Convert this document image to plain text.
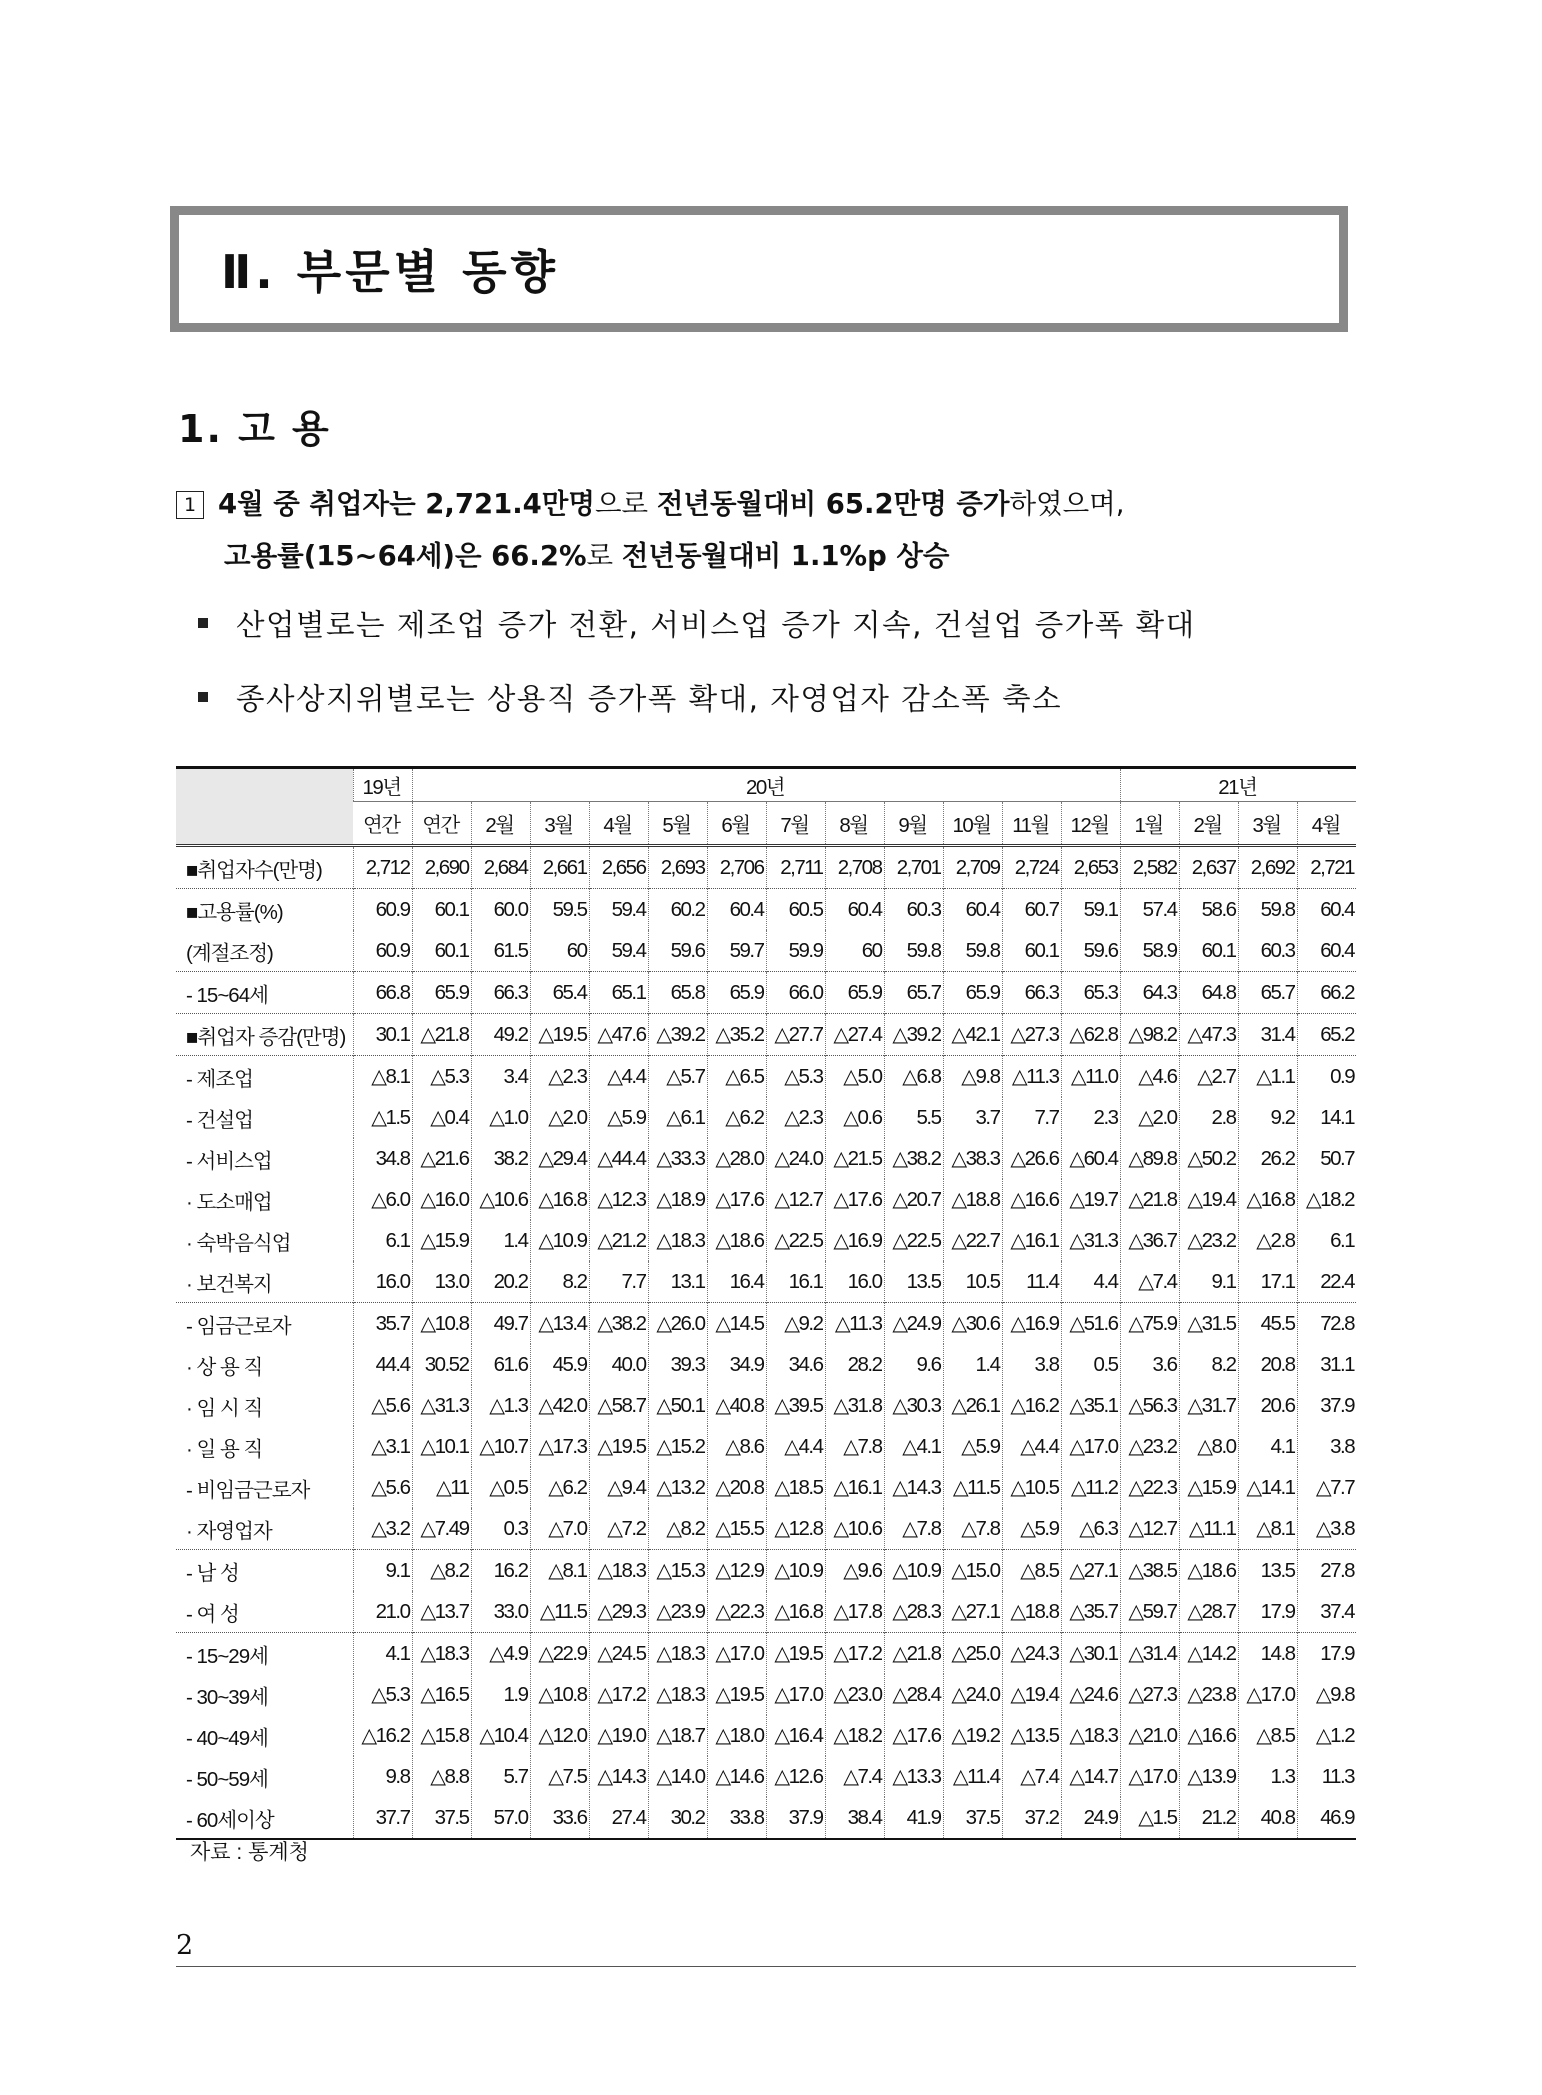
Ⅱ. 부문별 동향
1. 고 용
1 4월 중 취업자는 2,721.4만명으로 전년동월대비 65.2만명 증가하였으며,
고용률(15~64세)은 66.2%로 전년동월대비 1.1%p 상승
산업별로는 제조업 증가 전환, 서비스업 증가 지속, 건설업 증가폭 확대
종사상지위별로는 상용직 증가폭 확대, 자영업자 감소폭 축소
	19년	20년												21년			
	연간	연간	2월	3월	4월	5월	6월	7월	8월	9월	10월	11월	12월	1월	2월	3월	4월
■취업자수(만명)	2,712	2,690	2,684	2,661	2,656	2,693	2,706	2,711	2,708	2,701	2,709	2,724	2,653	2,582	2,637	2,692	2,721
■고용률(%)	60.9	60.1	60.0	59.5	59.4	60.2	60.4	60.5	60.4	60.3	60.4	60.7	59.1	57.4	58.6	59.8	60.4
(계절조정)	60.9	60.1	61.5	60	59.4	59.6	59.7	59.9	60	59.8	59.8	60.1	59.6	58.9	60.1	60.3	60.4
- 15~64세	66.8	65.9	66.3	65.4	65.1	65.8	65.9	66.0	65.9	65.7	65.9	66.3	65.3	64.3	64.8	65.7	66.2
■취업자 증감(만명)	30.1	△21.8	49.2	△19.5	△47.6	△39.2	△35.2	△27.7	△27.4	△39.2	△42.1	△27.3	△62.8	△98.2	△47.3	31.4	65.2
- 제조업	△8.1	△5.3	3.4	△2.3	△4.4	△5.7	△6.5	△5.3	△5.0	△6.8	△9.8	△11.3	△11.0	△4.6	△2.7	△1.1	0.9
- 건설업	△1.5	△0.4	△1.0	△2.0	△5.9	△6.1	△6.2	△2.3	△0.6	5.5	3.7	7.7	2.3	△2.0	2.8	9.2	14.1
- 서비스업	34.8	△21.6	38.2	△29.4	△44.4	△33.3	△28.0	△24.0	△21.5	△38.2	△38.3	△26.6	△60.4	△89.8	△50.2	26.2	50.7
· 도소매업	△6.0	△16.0	△10.6	△16.8	△12.3	△18.9	△17.6	△12.7	△17.6	△20.7	△18.8	△16.6	△19.7	△21.8	△19.4	△16.8	△18.2
· 숙박음식업	6.1	△15.9	1.4	△10.9	△21.2	△18.3	△18.6	△22.5	△16.9	△22.5	△22.7	△16.1	△31.3	△36.7	△23.2	△2.8	6.1
· 보건복지	16.0	13.0	20.2	8.2	7.7	13.1	16.4	16.1	16.0	13.5	10.5	11.4	4.4	△7.4	9.1	17.1	22.4
- 임금근로자	35.7	△10.8	49.7	△13.4	△38.2	△26.0	△14.5	△9.2	△11.3	△24.9	△30.6	△16.9	△51.6	△75.9	△31.5	45.5	72.8
· 상 용 직	44.4	30.52	61.6	45.9	40.0	39.3	34.9	34.6	28.2	9.6	1.4	3.8	0.5	3.6	8.2	20.8	31.1
· 임 시 직	△5.6	△31.3	△1.3	△42.0	△58.7	△50.1	△40.8	△39.5	△31.8	△30.3	△26.1	△16.2	△35.1	△56.3	△31.7	20.6	37.9
· 일 용 직	△3.1	△10.1	△10.7	△17.3	△19.5	△15.2	△8.6	△4.4	△7.8	△4.1	△5.9	△4.4	△17.0	△23.2	△8.0	4.1	3.8
- 비임금근로자	△5.6	△11	△0.5	△6.2	△9.4	△13.2	△20.8	△18.5	△16.1	△14.3	△11.5	△10.5	△11.2	△22.3	△15.9	△14.1	△7.7
· 자영업자	△3.2	△7.49	0.3	△7.0	△7.2	△8.2	△15.5	△12.8	△10.6	△7.8	△7.8	△5.9	△6.3	△12.7	△11.1	△8.1	△3.8
- 남 성	9.1	△8.2	16.2	△8.1	△18.3	△15.3	△12.9	△10.9	△9.6	△10.9	△15.0	△8.5	△27.1	△38.5	△18.6	13.5	27.8
- 여 성	21.0	△13.7	33.0	△11.5	△29.3	△23.9	△22.3	△16.8	△17.8	△28.3	△27.1	△18.8	△35.7	△59.7	△28.7	17.9	37.4
- 15~29세	4.1	△18.3	△4.9	△22.9	△24.5	△18.3	△17.0	△19.5	△17.2	△21.8	△25.0	△24.3	△30.1	△31.4	△14.2	14.8	17.9
- 30~39세	△5.3	△16.5	1.9	△10.8	△17.2	△18.3	△19.5	△17.0	△23.0	△28.4	△24.0	△19.4	△24.6	△27.3	△23.8	△17.0	△9.8
- 40~49세	△16.2	△15.8	△10.4	△12.0	△19.0	△18.7	△18.0	△16.4	△18.2	△17.6	△19.2	△13.5	△18.3	△21.0	△16.6	△8.5	△1.2
- 50~59세	9.8	△8.8	5.7	△7.5	△14.3	△14.0	△14.6	△12.6	△7.4	△13.3	△11.4	△7.4	△14.7	△17.0	△13.9	1.3	11.3
- 60세이상	37.7	37.5	57.0	33.6	27.4	30.2	33.8	37.9	38.4	41.9	37.5	37.2	24.9	△1.5	21.2	40.8	46.9
자료 : 통계청
2
